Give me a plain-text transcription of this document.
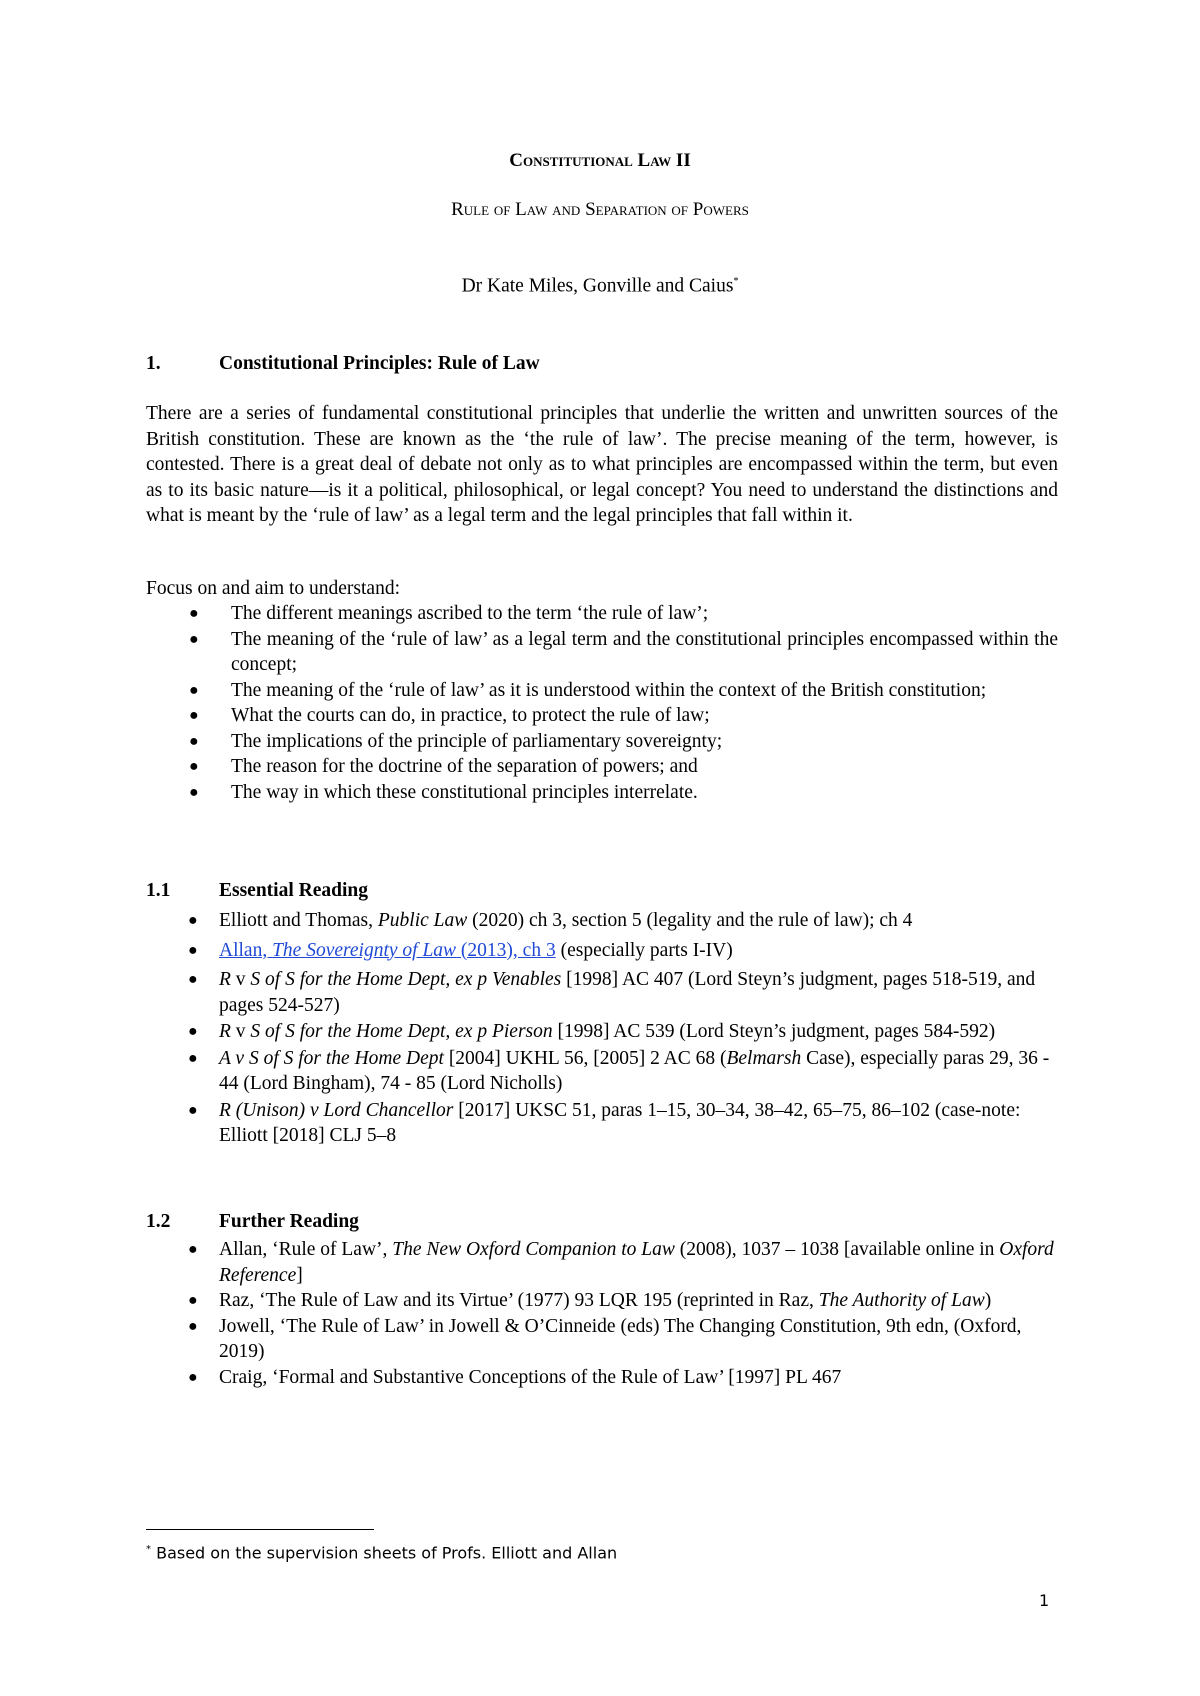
Constitutional Law II
Rule of Law and Separation of Powers

Dr Kate Miles, Gonville and Caius*

1.	Constitutional Principles: Rule of Law

There are a series of fundamental constitutional principles that underlie the written and unwritten sources of the British constitution. These are known as the ‘the rule of law’. The precise meaning of the term, however, is contested. There is a great deal of debate not only as to what principles are encompassed within the term, but even as to its basic nature—is it a political, philosophical, or legal concept? You need to understand the distinctions and what is meant by the ‘rule of law’ as a legal term and the legal principles that fall within it.

Focus on and aim to understand:

● The different meanings ascribed to the term ‘the rule of law’;
● The meaning of the ‘rule of law’ as a legal term and the constitutional principles encompassed within the concept;
● The meaning of the ‘rule of law’ as it is understood within the context of the British constitution;
● What the courts can do, in practice, to protect the rule of law;
● The implications of the principle of parliamentary sovereignty;
● The reason for the doctrine of the separation of powers; and
● The way in which these constitutional principles interrelate.
1.1 Essential Reading
● Elliott and Thomas, Public Law (2020) ch 3, section 5 (legality and the rule of law); ch 4
● Allan, The Sovereignty of Law (2013), ch 3 (especially parts I-IV)
● R v S of S for the Home Dept, ex p Venables [1998] AC 407 (Lord Steyn’s judgment, pages 518-519, and pages 524-527)
● R v S of S for the Home Dept, ex p Pierson [1998] AC 539 (Lord Steyn’s judgment, pages 584-592)
● A v S of S for the Home Dept [2004] UKHL 56, [2005] 2 AC 68 (Belmarsh Case), especially paras 29, 36 - 44 (Lord Bingham), 74 - 85 (Lord Nicholls)
● R (Unison) v Lord Chancellor [2017] UKSC 51, paras 1–15, 30–34, 38–42, 65–75, 86–102 (case-note: Elliott [2018] CLJ 5–8
1.2 Further Reading
● Allan, ‘Rule of Law’, The New Oxford Companion to Law (2008), 1037 – 1038 [available online in Oxford Reference]
● Raz, ‘The Rule of Law and its Virtue’ (1977) 93 LQR 195 (reprinted in Raz, The Authority of Law)
● Jowell, ‘The Rule of Law’ in Jowell & O’Cinneide (eds) The Changing Constitution, 9th edn, (Oxford, 2019)
● Craig, ‘Formal and Substantive Conceptions of the Rule of Law’ [1997] PL 467
* Based on the supervision sheets of Profs. Elliott and Allan
1
